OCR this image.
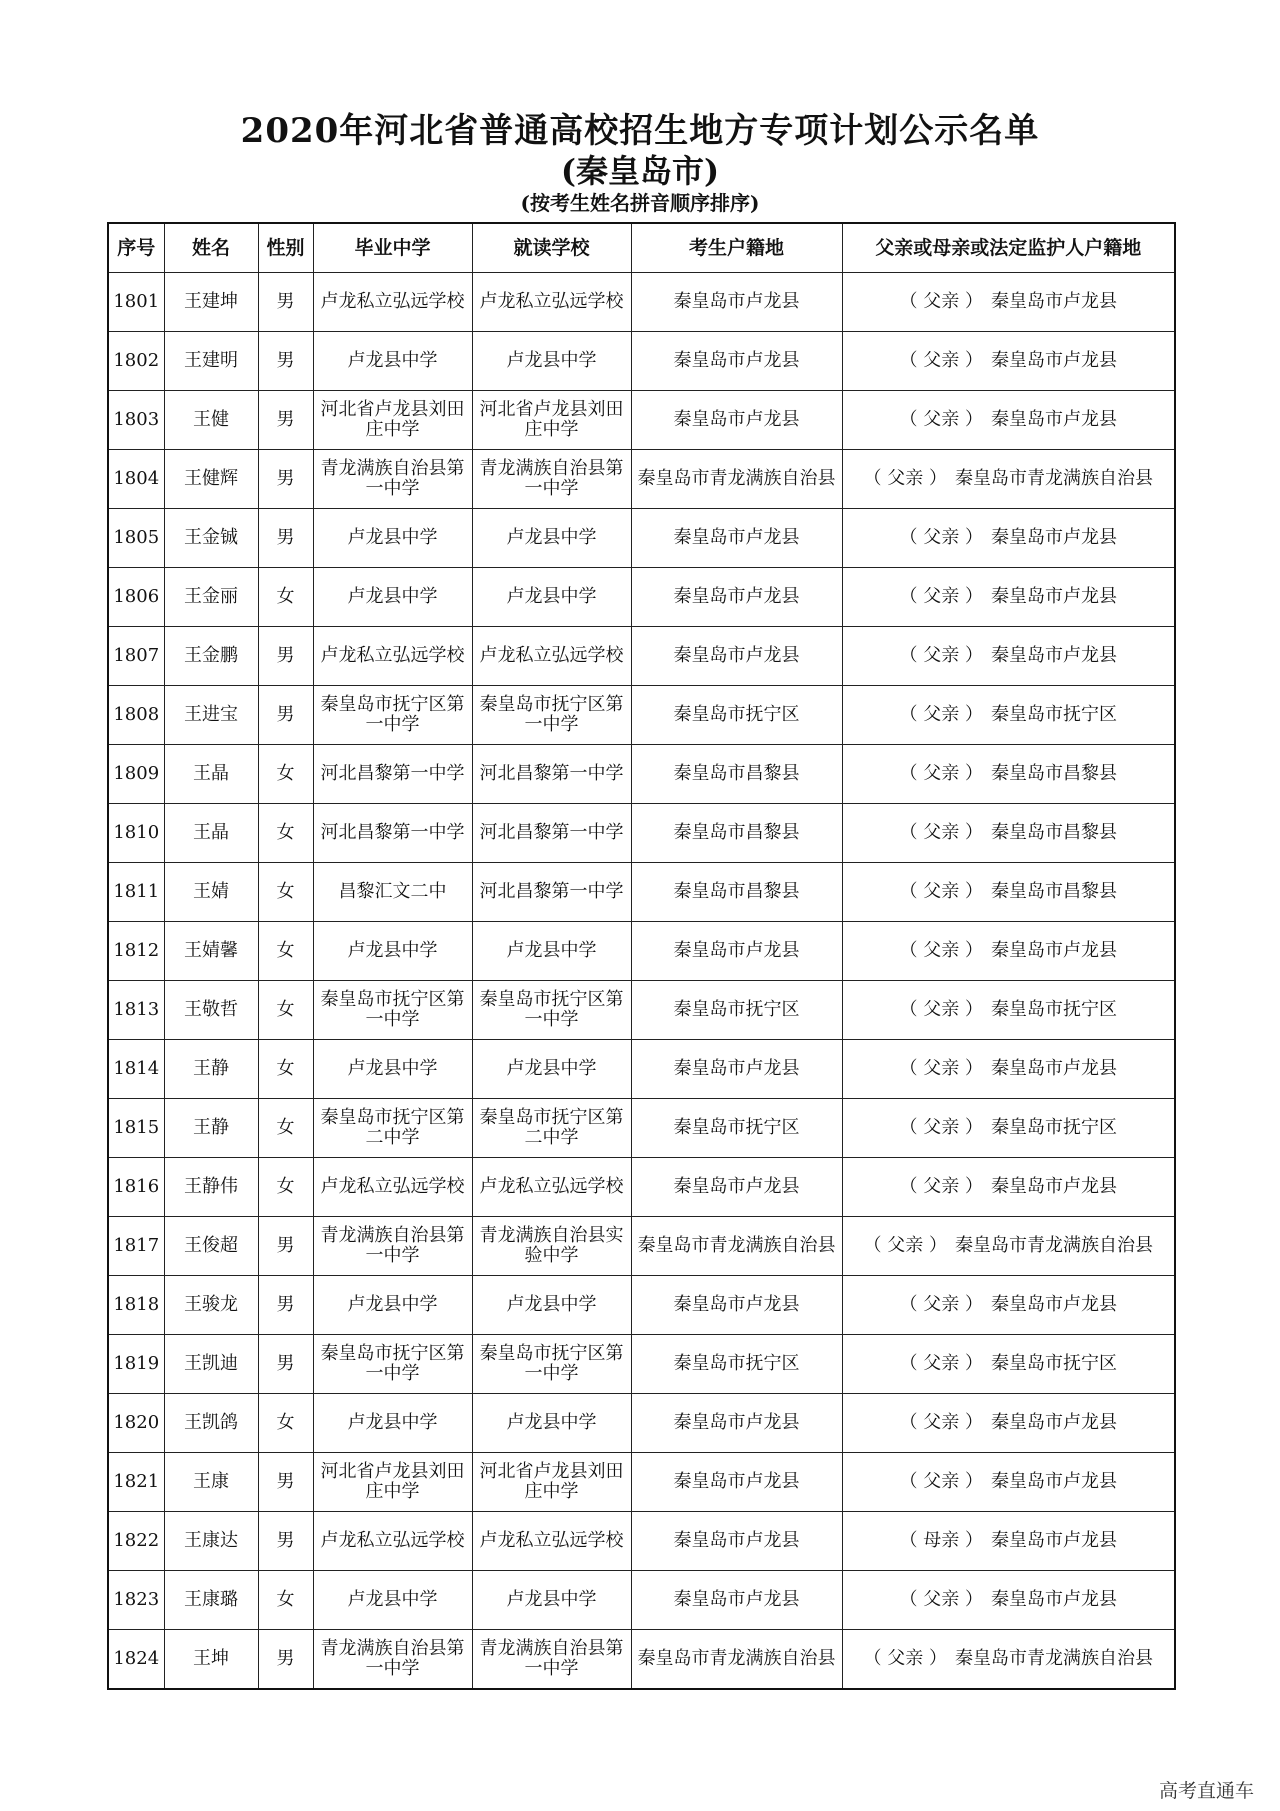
2020年河北省普通高校招生地方专项计划公示名单
(秦皇岛市)
(按考生姓名拼音顺序排序)
序号	姓名	性别	毕业中学	就读学校	考生户籍地	父亲或母亲或法定监护人户籍地
1801	王建坤	男	卢龙私立弘远学校	卢龙私立弘远学校	秦皇岛市卢龙县	（ 父亲 ） 秦皇岛市卢龙县
1802	王建明	男	卢龙县中学	卢龙县中学	秦皇岛市卢龙县	（ 父亲 ） 秦皇岛市卢龙县
1803	王健	男	河北省卢龙县刘田庄中学	河北省卢龙县刘田庄中学	秦皇岛市卢龙县	（ 父亲 ） 秦皇岛市卢龙县
1804	王健辉	男	青龙满族自治县第一中学	青龙满族自治县第一中学	秦皇岛市青龙满族自治县	（ 父亲 ） 秦皇岛市青龙满族自治县
1805	王金铖	男	卢龙县中学	卢龙县中学	秦皇岛市卢龙县	（ 父亲 ） 秦皇岛市卢龙县
1806	王金丽	女	卢龙县中学	卢龙县中学	秦皇岛市卢龙县	（ 父亲 ） 秦皇岛市卢龙县
1807	王金鹏	男	卢龙私立弘远学校	卢龙私立弘远学校	秦皇岛市卢龙县	（ 父亲 ） 秦皇岛市卢龙县
1808	王进宝	男	秦皇岛市抚宁区第一中学	秦皇岛市抚宁区第一中学	秦皇岛市抚宁区	（ 父亲 ） 秦皇岛市抚宁区
1809	王晶	女	河北昌黎第一中学	河北昌黎第一中学	秦皇岛市昌黎县	（ 父亲 ） 秦皇岛市昌黎县
1810	王晶	女	河北昌黎第一中学	河北昌黎第一中学	秦皇岛市昌黎县	（ 父亲 ） 秦皇岛市昌黎县
1811	王婧	女	昌黎汇文二中	河北昌黎第一中学	秦皇岛市昌黎县	（ 父亲 ） 秦皇岛市昌黎县
1812	王婧馨	女	卢龙县中学	卢龙县中学	秦皇岛市卢龙县	（ 父亲 ） 秦皇岛市卢龙县
1813	王敬哲	女	秦皇岛市抚宁区第一中学	秦皇岛市抚宁区第一中学	秦皇岛市抚宁区	（ 父亲 ） 秦皇岛市抚宁区
1814	王静	女	卢龙县中学	卢龙县中学	秦皇岛市卢龙县	（ 父亲 ） 秦皇岛市卢龙县
1815	王静	女	秦皇岛市抚宁区第二中学	秦皇岛市抚宁区第二中学	秦皇岛市抚宁区	（ 父亲 ） 秦皇岛市抚宁区
1816	王静伟	女	卢龙私立弘远学校	卢龙私立弘远学校	秦皇岛市卢龙县	（ 父亲 ） 秦皇岛市卢龙县
1817	王俊超	男	青龙满族自治县第一中学	青龙满族自治县实验中学	秦皇岛市青龙满族自治县	（ 父亲 ） 秦皇岛市青龙满族自治县
1818	王骏龙	男	卢龙县中学	卢龙县中学	秦皇岛市卢龙县	（ 父亲 ） 秦皇岛市卢龙县
1819	王凯迪	男	秦皇岛市抚宁区第一中学	秦皇岛市抚宁区第一中学	秦皇岛市抚宁区	（ 父亲 ） 秦皇岛市抚宁区
1820	王凯鸽	女	卢龙县中学	卢龙县中学	秦皇岛市卢龙县	（ 父亲 ） 秦皇岛市卢龙县
1821	王康	男	河北省卢龙县刘田庄中学	河北省卢龙县刘田庄中学	秦皇岛市卢龙县	（ 父亲 ） 秦皇岛市卢龙县
1822	王康达	男	卢龙私立弘远学校	卢龙私立弘远学校	秦皇岛市卢龙县	（ 母亲 ） 秦皇岛市卢龙县
1823	王康璐	女	卢龙县中学	卢龙县中学	秦皇岛市卢龙县	（ 父亲 ） 秦皇岛市卢龙县
1824	王坤	男	青龙满族自治县第一中学	青龙满族自治县第一中学	秦皇岛市青龙满族自治县	（ 父亲 ） 秦皇岛市青龙满族自治县
高考直通车
